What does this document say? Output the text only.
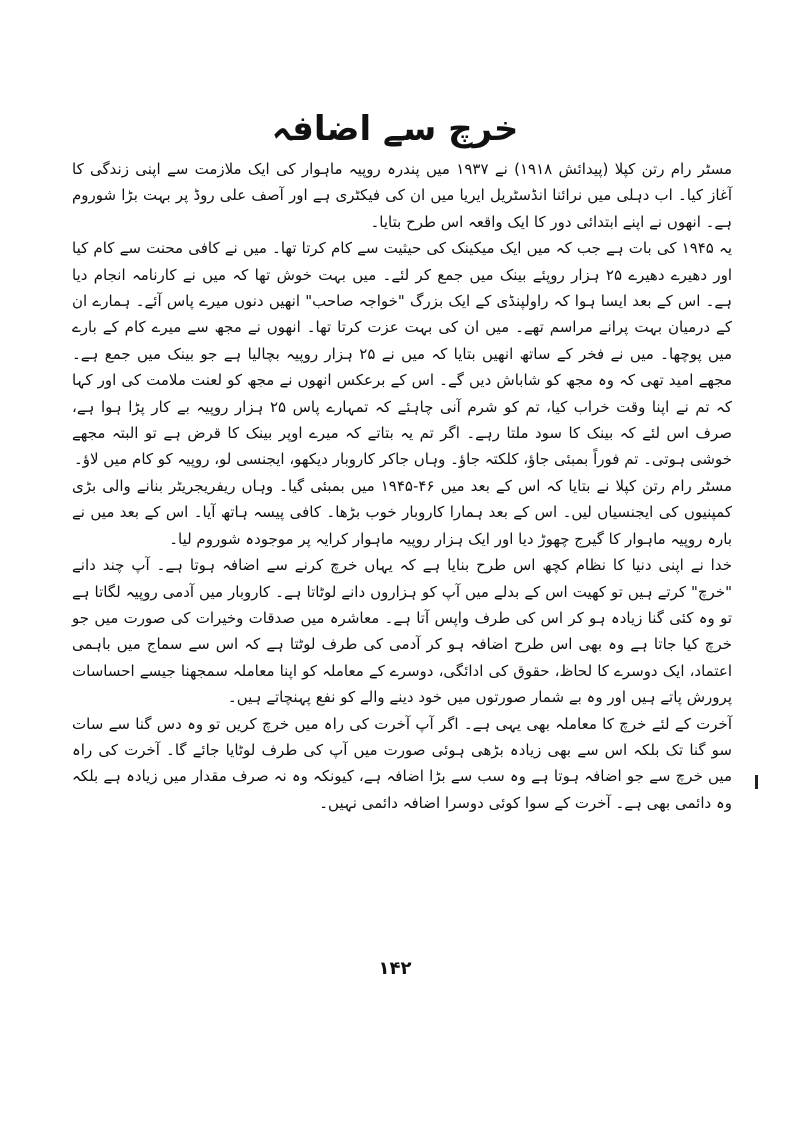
خرچ سے اضافہ

مسٹر رام رتن کپلا (پیدائش ۱۹۱۸) نے ۱۹۳۷ میں پندرہ روپیہ ماہوار کی ایک ملازمت سے اپنی زندگی کا آغاز کیا۔ اب دہلی میں نرائنا انڈسٹریل ایریا میں ان کی فیکٹری ہے اور آصف علی روڈ پر بہت بڑا شوروم ہے۔ انھوں نے اپنے ابتدائی دور کا ایک واقعہ اس طرح بتایا۔

یہ ۱۹۴۵ کی بات ہے جب کہ میں ایک میکینک کی حیثیت سے کام کرتا تھا۔ میں نے کافی محنت سے کام کیا اور دھیرے دھیرے ۲۵ ہزار روپئے بینک میں جمع کر لئے۔ میں بہت خوش تھا کہ میں نے کارنامہ انجام دیا ہے۔ اس کے بعد ایسا ہوا کہ راولپنڈی کے ایک بزرگ "خواجہ صاحب" انھیں دنوں میرے پاس آئے۔ ہمارے ان کے درمیان بہت پرانے مراسم تھے۔ میں ان کی بہت عزت کرتا تھا۔ انھوں نے مجھ سے میرے کام کے بارے میں پوچھا۔ میں نے فخر کے ساتھ انھیں بتایا کہ میں نے ۲۵ ہزار روپیہ بچالیا ہے جو بینک میں جمع ہے۔ مجھے امید تھی کہ وہ مجھ کو شاباش دیں گے۔ اس کے برعکس انھوں نے مجھ کو لعنت ملامت کی اور کہا کہ تم نے اپنا وقت خراب کیا، تم کو شرم آنی چاہئے کہ تمہارے پاس ۲۵ ہزار روپیہ بے کار پڑا ہوا ہے، صرف اس لئے کہ بینک کا سود ملتا رہے۔ اگر تم یہ بتاتے کہ میرے اوپر بینک کا قرض ہے تو البتہ مجھے خوشی ہوتی۔ تم فوراً بمبئی جاؤ، کلکتہ جاؤ۔ وہاں جاکر کاروبار دیکھو، ایجنسی لو، روپیہ کو کام میں لاؤ۔

مسٹر رام رتن کپلا نے بتایا کہ اس کے بعد میں ۴۶-۱۹۴۵ میں بمبئی گیا۔ وہاں ریفریجریٹر بنانے والی بڑی کمپنیوں کی ایجنسیاں لیں۔ اس کے بعد ہمارا کاروبار خوب بڑھا۔ کافی پیسہ ہاتھ آیا۔ اس کے بعد میں نے بارہ روپیہ ماہوار کا گیرج چھوڑ دیا اور ایک ہزار روپیہ ماہوار کرایہ پر موجودہ شوروم لیا۔

خدا نے اپنی دنیا کا نظام کچھ اس طرح بنایا ہے کہ یہاں خرچ کرنے سے اضافہ ہوتا ہے۔ آپ چند دانے "خرچ" کرتے ہیں تو کھیت اس کے بدلے میں آپ کو ہزاروں دانے لوٹاتا ہے۔ کاروبار میں آدمی روپیہ لگاتا ہے تو وہ کئی گنا زیادہ ہو کر اس کی طرف واپس آتا ہے۔ معاشرہ میں صدقات وخیرات کی صورت میں جو خرچ کیا جاتا ہے وہ بھی اس طرح اضافہ ہو کر آدمی کی طرف لوٹتا ہے کہ اس سے سماج میں باہمی اعتماد، ایک دوسرے کا لحاظ، حقوق کی ادائگی، دوسرے کے معاملہ کو اپنا معاملہ سمجھنا جیسے احساسات پرورش پاتے ہیں اور وہ بے شمار صورتوں میں خود دینے والے کو نفع پہنچاتے ہیں۔

آخرت کے لئے خرچ کا معاملہ بھی یہی ہے۔ اگر آپ آخرت کی راہ میں خرچ کریں تو وہ دس گنا سے سات سو گنا تک بلکہ اس سے بھی زیادہ بڑھی ہوئی صورت میں آپ کی طرف لوٹایا جائے گا۔ آخرت کی راہ میں خرچ سے جو اضافہ ہوتا ہے وہ سب سے بڑا اضافہ ہے، کیونکہ وہ نہ صرف مقدار میں زیادہ ہے بلکہ وہ دائمی بھی ہے۔ آخرت کے سوا کوئی دوسرا اضافہ دائمی نہیں۔

۱۴۲
